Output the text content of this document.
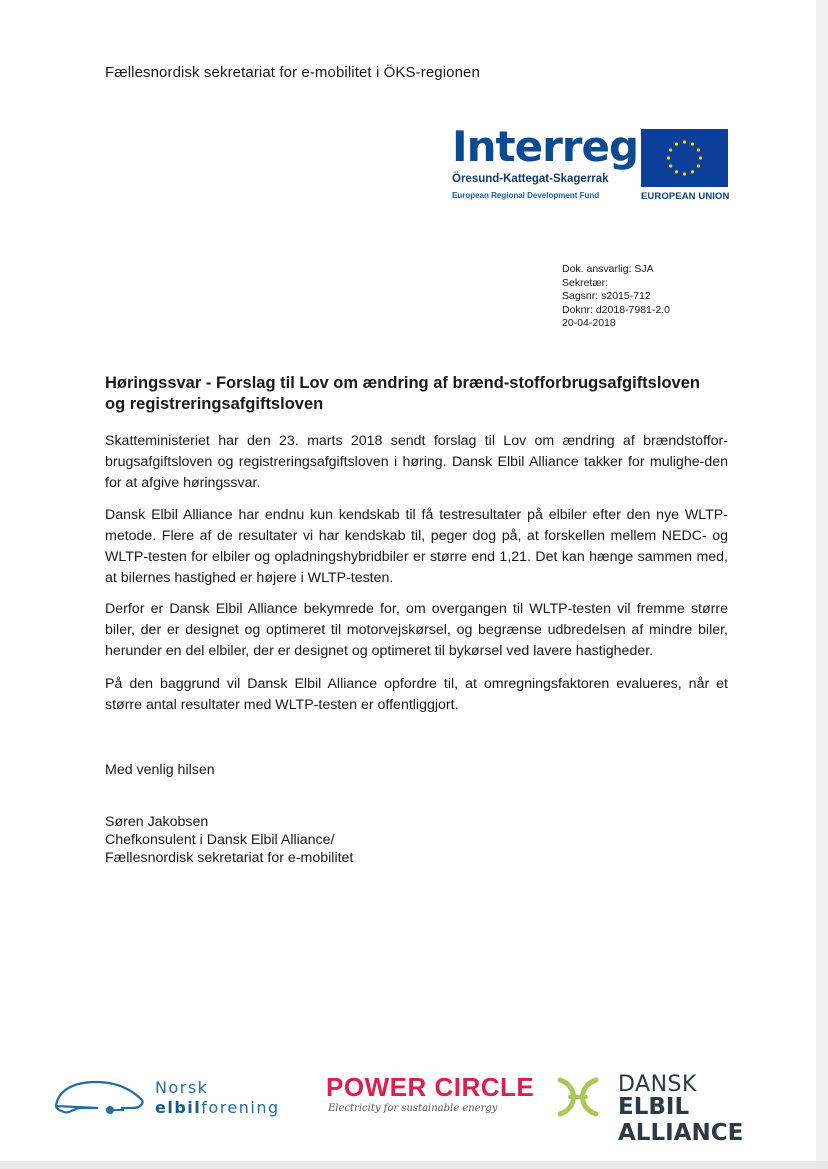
Fællesnordisk sekretariat for e-mobilitet i ÖKS-regionen
Interreg
Öresund-Kattegat-Skagerrak
European Regional Development Fund	EUROPEAN UNION
Dok. ansvarlig: SJA
Sekretær:
Sagsnr: s2015-712
Doknr: d2018-7981-2.0
20-04-2018
Høringssvar - Forslag til Lov om ændring af brænd-stofforbrugsafgiftsloven og registreringsafgiftsloven
Skatteministeriet har den 23. marts 2018 sendt forslag til Lov om ændring af brændstoffor-brugsafgiftsloven og registreringsafgiftsloven i høring. Dansk Elbil Alliance takker for mulighe-den for at afgive høringssvar.
Dansk Elbil Alliance har endnu kun kendskab til få testresultater på elbiler efter den nye WLTP-metode. Flere af de resultater vi har kendskab til, peger dog på, at forskellen mellem NEDC- og WLTP-testen for elbiler og opladningshybridbiler er større end 1,21. Det kan hænge sammen med, at bilernes hastighed er højere i WLTP-testen.
Derfor er Dansk Elbil Alliance bekymrede for, om overgangen til WLTP-testen vil fremme større biler, der er designet og optimeret til motorvejskørsel, og begrænse udbredelsen af mindre biler, herunder en del elbiler, der er designet og optimeret til bykørsel ved lavere hastigheder.
På den baggrund vil Dansk Elbil Alliance opfordre til, at omregningsfaktoren evalueres, når et større antal resultater med WLTP-testen er offentliggjort.
Med venlig hilsen
Søren Jakobsen
Chefkonsulent i Dansk Elbil Alliance/
Fællesnordisk sekretariat for e-mobilitet
Norsk
elbilforening
POWER CIRCLE
Electricity for sustainable energy
DANSK
ELBIL ALLIANCE
